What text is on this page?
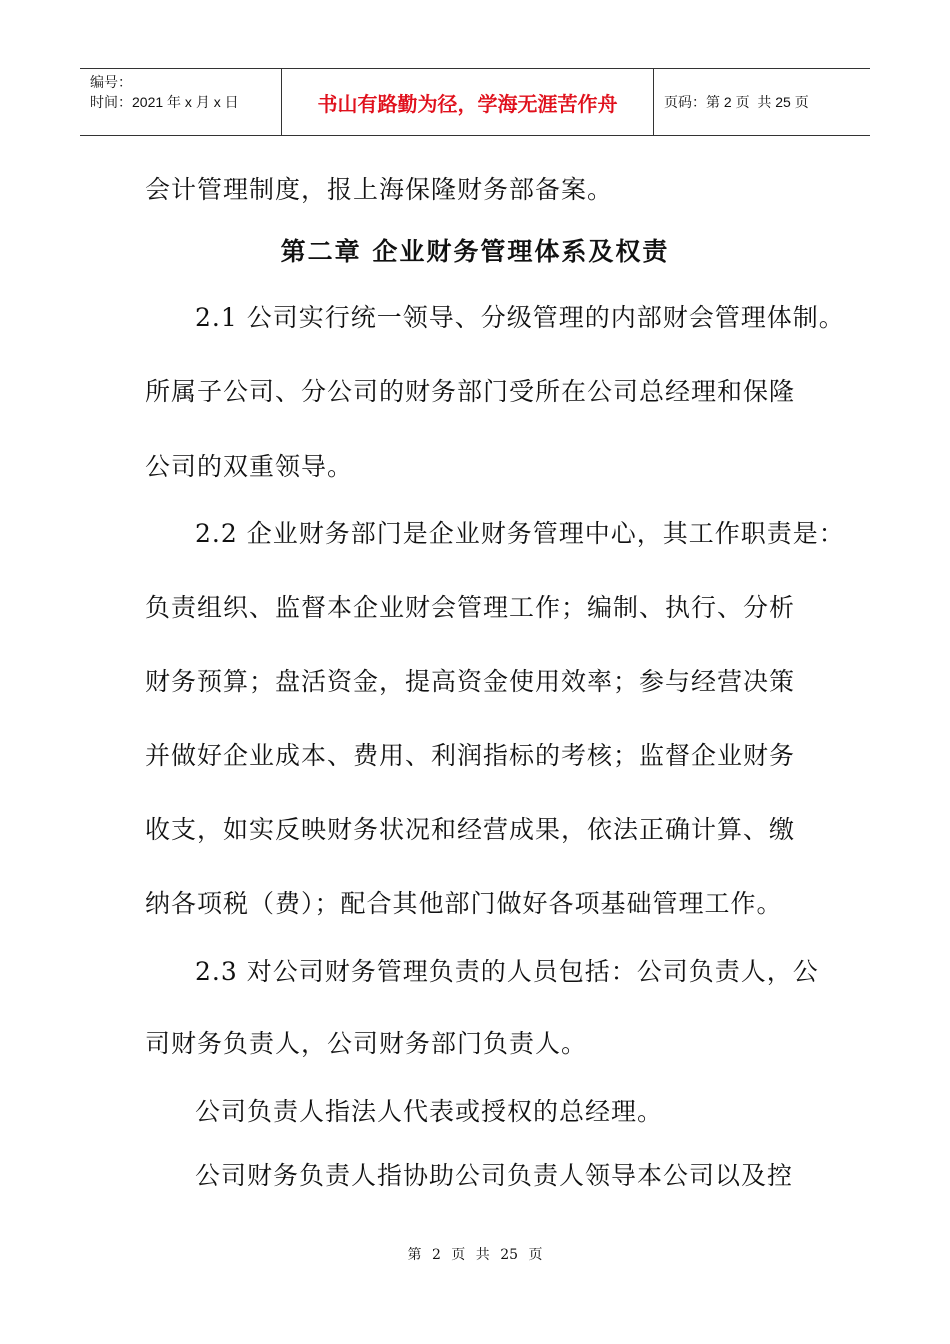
编号：
时间：2021 年 x 月 x 日	书山有路勤为径，学海无涯苦作舟	页码：第 2 页  共 25 页
会计管理制度，报上海保隆财务部备案。
第二章 企业财务管理体系及权责
2.1 公司实行统一领导、分级管理的内部财会管理体制。
所属子公司、分公司的财务部门受所在公司总经理和保隆
公司的双重领导。
2.2 企业财务部门是企业财务管理中心，其工作职责是：
负责组织、监督本企业财会管理工作；编制、执行、分析
财务预算；盘活资金，提高资金使用效率；参与经营决策
并做好企业成本、费用、利润指标的考核；监督企业财务
收支，如实反映财务状况和经营成果，依法正确计算、缴
纳各项税（费）；配合其他部门做好各项基础管理工作。
2.3 对公司财务管理负责的人员包括：公司负责人，公
司财务负责人，公司财务部门负责人。
公司负责人指法人代表或授权的总经理。
公司财务负责人指协助公司负责人领导本公司以及控
第 2 页 共 25 页
